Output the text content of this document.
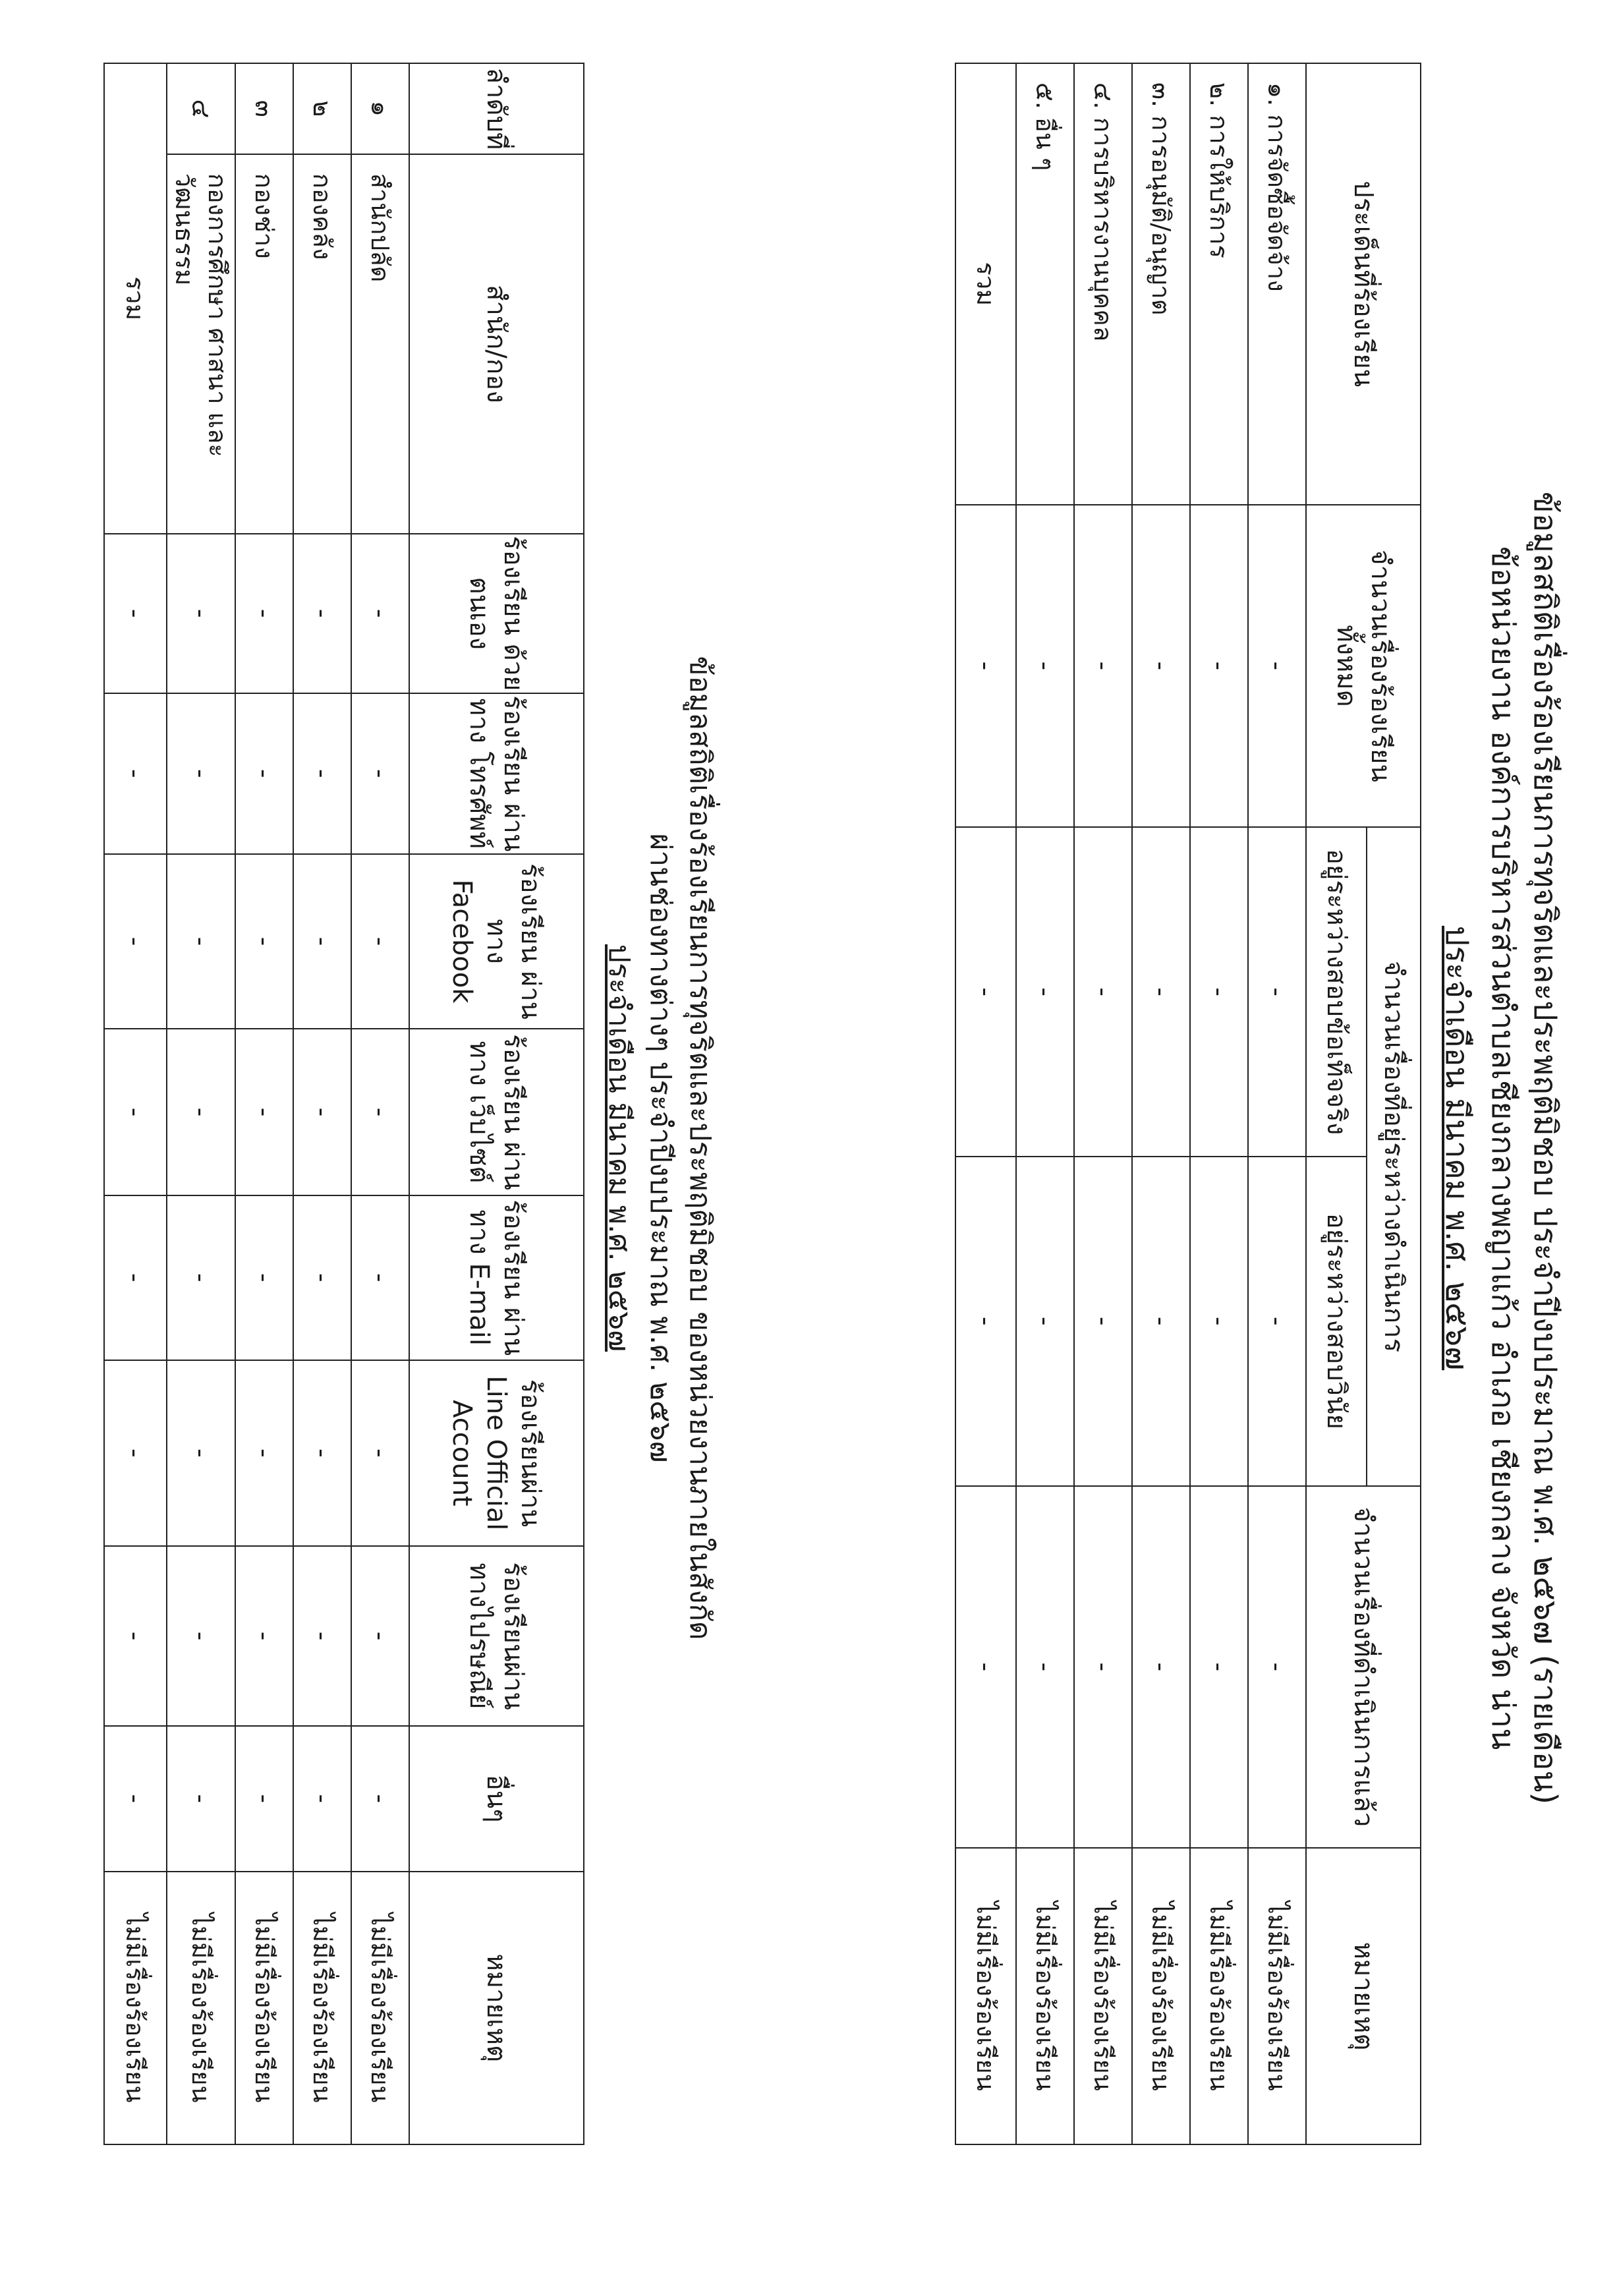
ข้อมูลสถิติเรื่องร้องเรียนการทุจริตและประพฤติมิชอบ ประจำปีงบประมาณ พ.ศ. ๒๕๖๗ (รายเดือน)
ข้อหน่วยงาน องค์การบริหารส่วนตำบลเชียงกลางพญาแก้ว อำเภอ เชียงกลาง จังหวัด น่าน
ประจำเดือน มีนาคม พ.ศ. ๒๕๖๗
ประเด็นที่ร้องเรียน	จำนวนเรื่องร้องเรียน ทั้งหมด	จำนวนเรื่องที่อยู่ระหว่างดำเนินการ		จำนวนเรื่องที่ดำเนินการแล้ว	หมายเหตุ
		อยู่ระหว่างสอบข้อเท็จจริง	อยู่ระหว่างสอบวินัย		
๑. การจัดซื้อจัดจ้าง	-	-	-	-	ไม่มีเรื่องร้องเรียน
๒. การให้บริการ	-	-	-	-	ไม่มีเรื่องร้องเรียน
๓. การอนุมัติ/อนุญาต	-	-	-	-	ไม่มีเรื่องร้องเรียน
๔. การบริหารงานบุคคล	-	-	-	-	ไม่มีเรื่องร้องเรียน
๕. อื่น ๆ	-	-	-	-	ไม่มีเรื่องร้องเรียน
รวม	-	-	-	-	ไม่มีเรื่องร้องเรียน
ข้อมูลสถิติเรื่องร้องเรียนการทุจริตและประพฤติมิชอบ ของหน่วยงานภายในสังกัด
ผ่านช่องทางต่างๆ ประจำปีงบประมาณ พ.ศ. ๒๕๖๗
ประจำเดือน มีนาคม พ.ศ. ๒๕๖๗
ลำดับที่	สำนัก/กอง	ร้องเรียน ด้วยตนเอง	ร้องเรียน ผ่านทาง โทรศัพท์	ร้องเรียน ผ่านทาง Facebook	ร้องเรียน ผ่านทาง เว็บไซต์	ร้องเรียน ผ่านทาง E-mail	ร้องเรียนผ่าน Line Official Account	ร้องเรียนผ่าน ทางไปรษณีย์	อื่นๆ	หมายเหตุ
๑	สำนักปลัด	-	-	-	-	-	-	-	-	ไม่มีเรื่องร้องเรียน
๒	กองคลัง	-	-	-	-	-	-	-	-	ไม่มีเรื่องร้องเรียน
๓	กองช่าง	-	-	-	-	-	-	-	-	ไม่มีเรื่องร้องเรียน
๔	กองการศึกษา ศาสนา และวัฒนธรรม	-	-	-	-	-	-	-	-	ไม่มีเรื่องร้องเรียน
รวม		-	-	-	-	-	-	-	-	ไม่มีเรื่องร้องเรียน
